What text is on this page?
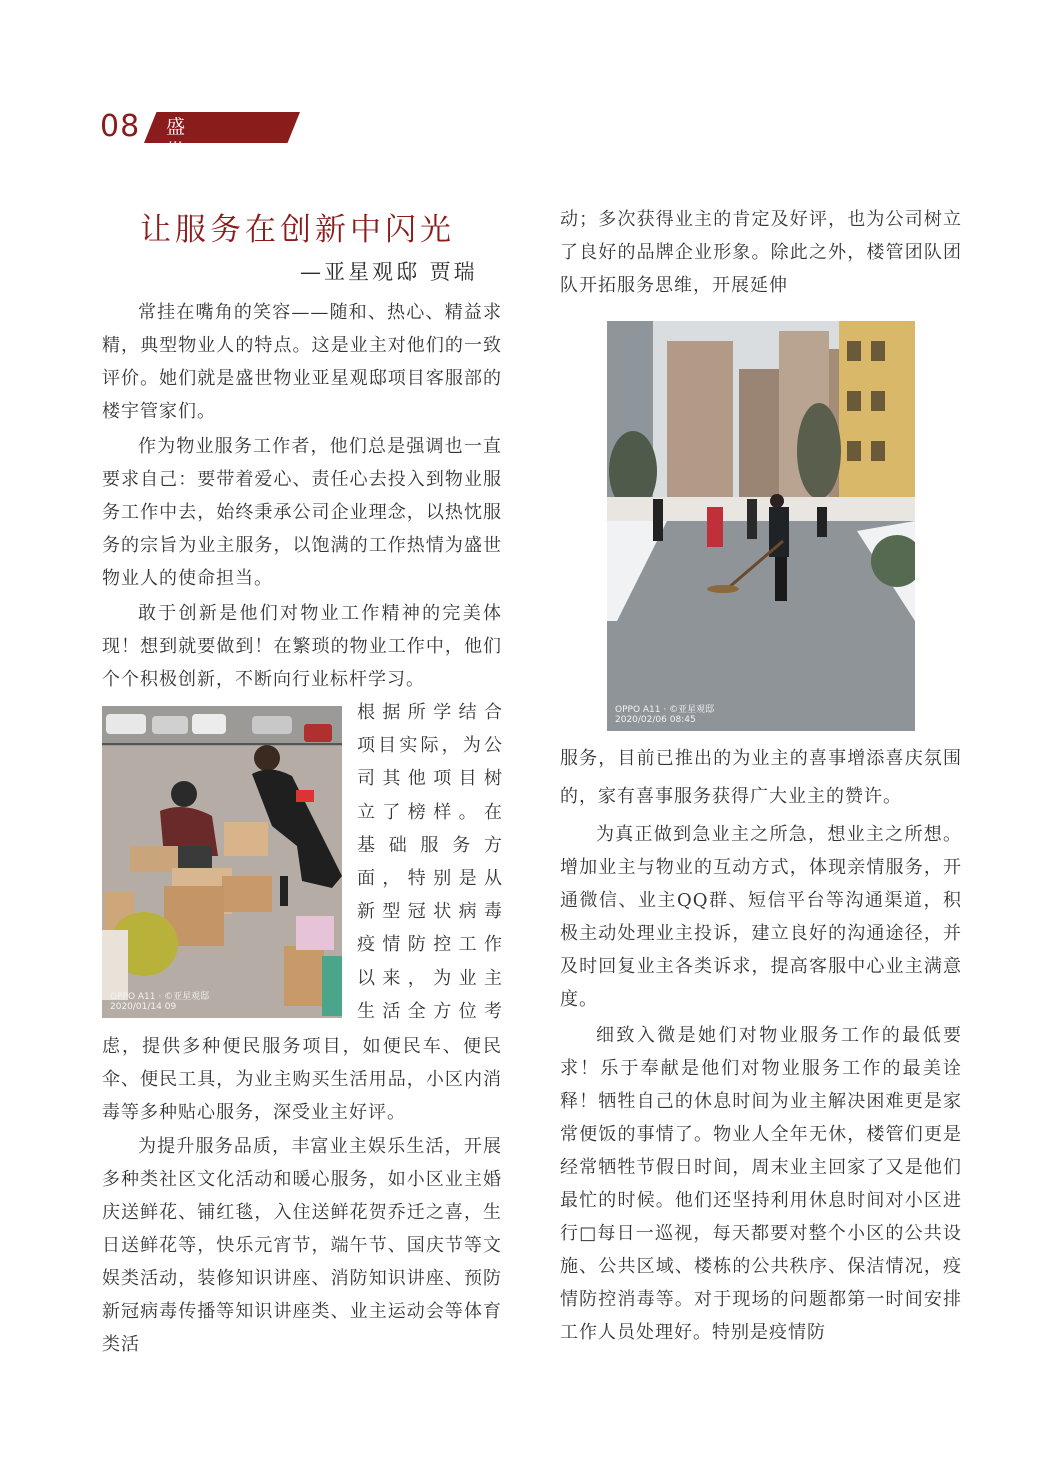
08 盛世物业
让服务在创新中闪光
—亚星观邸 贾瑞

常挂在嘴角的笑容——随和、热心、精益求精，典型物业人的特点。这是业主对他们的一致评价。她们就是盛世物业亚星观邸项目客服部的楼宇管家们。

作为物业服务工作者，他们总是强调也一直要求自己：要带着爱心、责任心去投入到物业服务工作中去，始终秉承公司企业理念，以热忱服务的宗旨为业主服务，以饱满的工作热情为盛世物业人的使命担当。

敢于创新是他们对物业工作精神的完美体现！想到就要做到！在繁琐的物业工作中，他们个个积极创新，不断向行业标杆学习。

OPPO A11 · ©亚星观邸
2020/01/14 09
根据所学结合
项目实际，为公
司其他项目树
立了榜样。在
基础服务方
面，特别是从
新型冠状病毒
疫情防控工作
以来，为业主
生活全方位考

虑，提供多种便民服务项目，如便民车、便民伞、便民工具，为业主购买生活用品，小区内消毒等多种贴心服务，深受业主好评。

为提升服务品质，丰富业主娱乐生活，开展多种类社区文化活动和暖心服务，如小区业主婚庆送鲜花、铺红毯，入住送鲜花贺乔迁之喜，生日送鲜花等，快乐元宵节，端午节、国庆节等文娱类活动，装修知识讲座、消防知识讲座、预防新冠病毒传播等知识讲座类、业主运动会等体育类活

动；多次获得业主的肯定及好评，也为公司树立了良好的品牌企业形象。除此之外，楼管团队团队开拓服务思维，开展延伸

OPPO A11 · ©亚星观邸
2020/02/06 08:45

服务，目前已推出的为业主的喜事增添喜庆氛围的，家有喜事服务获得广大业主的赞许。

为真正做到急业主之所急，想业主之所想。增加业主与物业的互动方式，体现亲情服务，开通微信、业主QQ群、短信平台等沟通渠道，积极主动处理业主投诉，建立良好的沟通途径，并及时回复业主各类诉求，提高客服中心业主满意度。

细致入微是她们对物业服务工作的最低要求！乐于奉献是他们对物业服务工作的最美诠释！牺牲自己的休息时间为业主解决困难更是家常便饭的事情了。物业人全年无休，楼管们更是经常牺牲节假日时间，周末业主回家了又是他们最忙的时候。他们还坚持利用休息时间对小区进行□每日一巡视，每天都要对整个小区的公共设施、公共区域、楼栋的公共秩序、保洁情况，疫情防控消毒等。对于现场的问题都第一时间安排工作人员处理好。特别是疫情防
